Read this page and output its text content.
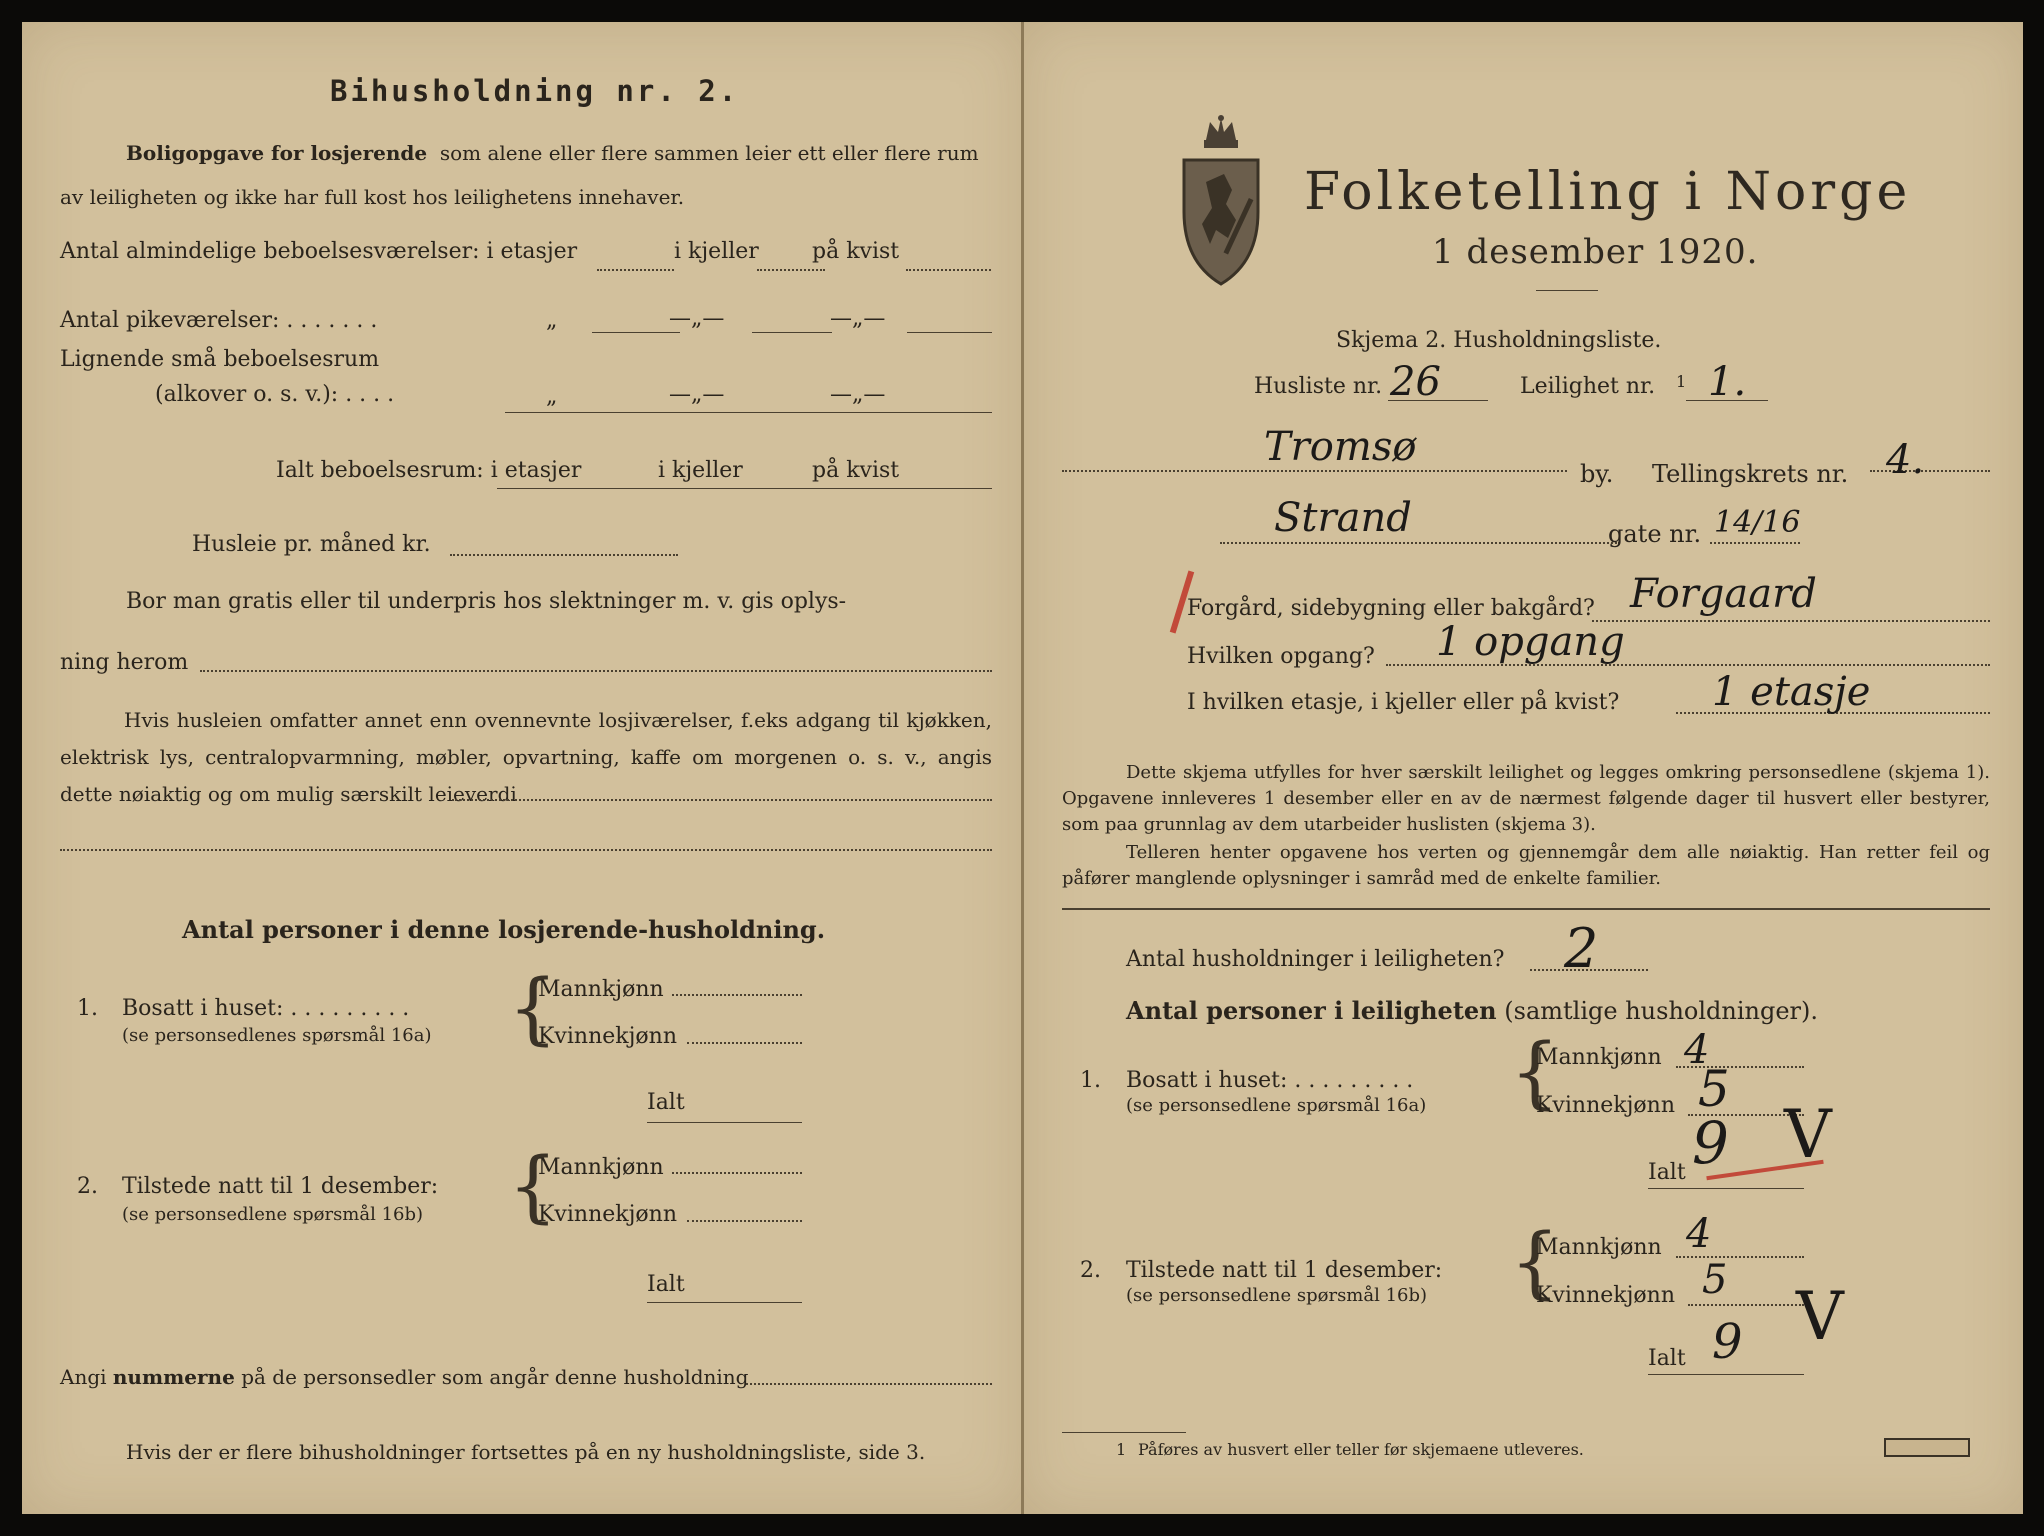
Bihusholdning nr. 2.
Boligopgave for losjerende som alene eller flere sammen leier ett eller flere rum
av leiligheten og ikke har full kost hos leilighetens innehaver.
Antal almindelige beboelsesværelser: i etasjer	i kjeller på kvist
Antal pikeværelser: . . . . . . .	„	—„—	—„—
Lignende små beboelsesrum
(alkover o. s. v.): . . . .	„	—„—	—„—
Ialt beboelsesrum: i etasjer	i kjeller	på kvist
Husleie pr. måned kr.
Bor man gratis eller til underpris hos slektninger m. v. gis oplys-
ning herom
Hvis husleien omfatter annet enn ovennevnte losjiværelser, f.eks adgang til kjøkken, elektrisk lys, centralopvarmning, møbler, opvartning, kaffe om morgenen o. s. v., angis dette nøiaktig og om mulig særskilt leieverdi
Antal personer i denne losjerende-husholdning.
1. Bosatt i huset: . . . . . . . . .
(se personsedlenes spørsmål 16a) {
Mannkjønn
Kvinnekjønn
Ialt
2. Tilstede natt til 1 desember:
(se personsedlene spørsmål 16b) {
Mannkjønn
Kvinnekjønn
Ialt
Angi nummerne på de personsedler som angår denne husholdning
Hvis der er flere bihusholdninger fortsettes på en ny husholdningsliste, side 3.
Folketelling i Norge
1 desember 1920.
Skjema 2. Husholdningsliste.
Husliste nr. 26	Leilighet nr. 1 1.
Tromsø
by. Tellingskrets nr. 4.
Strand	gate nr. 14/16
Forgård, sidebygning eller bakgård? Forgaard
Hvilken opgang? 1 opgang
I hvilken etasje, i kjeller eller på kvist? 1 etasje
Dette skjema utfylles for hver særskilt leilighet og legges omkring personsedlene (skjema 1). Opgavene innleveres 1 desember eller en av de nærmest følgende dager til husvert eller bestyrer, som paa grunnlag av dem utarbeider huslisten (skjema 3).
Telleren henter opgavene hos verten og gjennemgår dem alle nøiaktig. Han retter feil og påfører manglende oplysninger i samråd med de enkelte familier.
Antal husholdninger i leiligheten? 2
Antal personer i leiligheten (samtlige husholdninger).
1. Bosatt i huset: . . . . . . . . .
(se personsedlene spørsmål 16a) {
Mannkjønn 4
Kvinnekjønn 5
Ialt 9 V
2. Tilstede natt til 1 desember:
(se personsedlene spørsmål 16b) {
Mannkjønn 4
Kvinnekjønn 5
Ialt 9 V
1 Påføres av husvert eller teller før skjemaene utleveres.
